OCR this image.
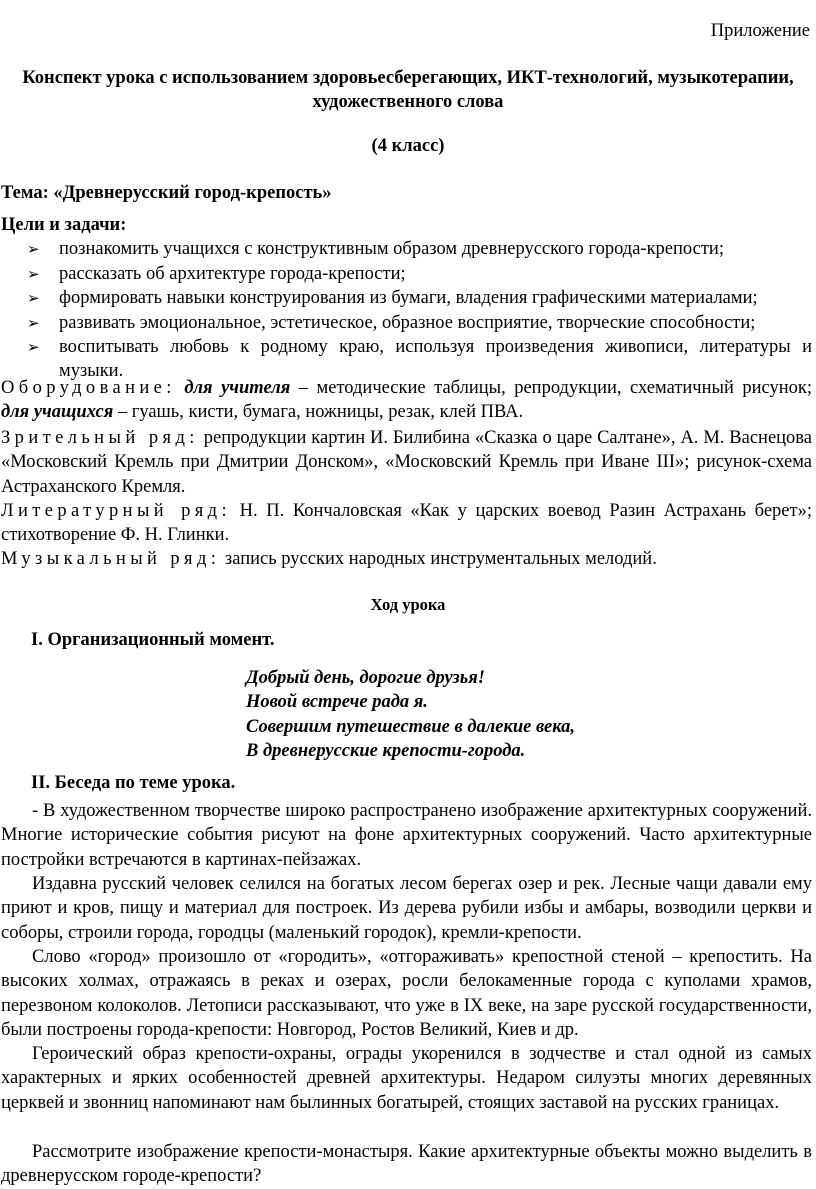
Приложение
Конспект урока с использованием здоровьесберегающих, ИКТ-технологий, музыкотерапии, художественного слова
(4 класс)
Тема: «Древнерусский город-крепость»
Цели и задачи:
➢ познакомить учащихся с конструктивным образом древнерусского города-крепости;
➢ рассказать об архитектуре города-крепости;
➢ формировать навыки конструирования из бумаги, владения графическими материалами;
➢ развивать эмоциональное, эстетическое, образное восприятие, творческие способности;
➢ воспитывать любовь к родному краю, используя произведения живописи, литературы и музыки.
Оборудование: для учителя – методические таблицы, репродукции, схематичный рисунок; для учащихся – гуашь, кисти, бумага, ножницы, резак, клей ПВА.
Зрительный ряд: репродукции картин И. Билибина «Сказка о царе Салтане», А. М. Васнецова «Московский Кремль при Дмитрии Донском», «Московский Кремль при Иване III»; рисунок-схема Астраханского Кремля.
Литературный ряд: Н. П. Кончаловская «Как у царских воевод Разин Астрахань берет»; стихотворение Ф. Н. Глинки.
Музыкальный ряд: запись русских народных инструментальных мелодий.
Ход урока
I. Организационный момент.
Добрый день, дорогие друзья!
Новой встрече рада я.
Совершим путешествие в далекие века,
В древнерусские крепости-города.
II. Беседа по теме урока.
- В художественном творчестве широко распространено изображение архитектурных сооружений. Многие исторические события рисуют на фоне архитектурных сооружений. Часто архитектурные постройки встречаются в картинах-пейзажах.
Издавна русский человек селился на богатых лесом берегах озер и рек. Лесные чащи давали ему приют и кров, пищу и материал для построек. Из дерева рубили избы и амбары, возводили церкви и соборы, строили города, городцы (маленький городок), кремли-крепости.
Слово «город» произошло от «городить», «отгораживать» крепостной стеной – крепостить. На высоких холмах, отражаясь в реках и озерах, росли белокаменные города с куполами храмов, перезвоном колоколов. Летописи рассказывают, что уже в IX веке, на заре русской государственности, были построены города-крепости: Новгород, Ростов Великий, Киев и др.
Героический образ крепости-охраны, ограды укоренился в зодчестве и стал одной из самых характерных и ярких особенностей древней архитектуры. Недаром силуэты многих деревянных церквей и звонниц напоминают нам былинных богатырей, стоящих заставой на русских границах.
Рассмотрите изображение крепости-монастыря. Какие архитектурные объекты можно выделить в древнерусском городе-крепости?
